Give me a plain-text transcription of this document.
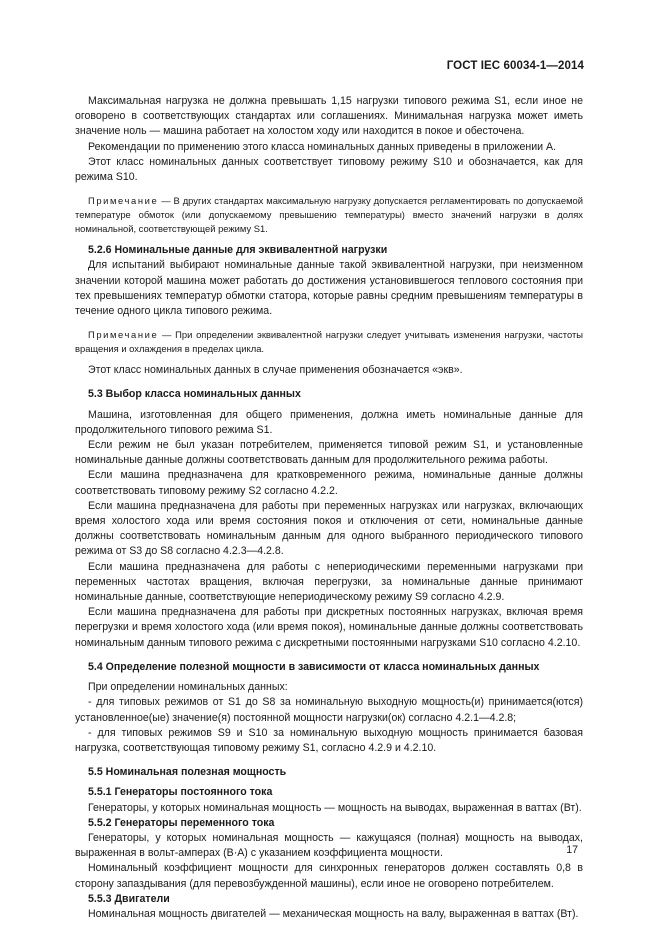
ГОСТ IEC 60034-1—2014

Максимальная нагрузка не должна превышать 1,15 нагрузки типового режима S1, если иное не оговорено в соответствующих стандартах или соглашениях. Минимальная нагрузка может иметь значение ноль — машина работает на холостом ходу или находится в покое и обесточена.

Рекомендации по применению этого класса номинальных данных приведены в приложении А.

Этот класс номинальных данных соответствует типовому режиму S10 и обозначается, как для режима S10.

Примечание — В других стандартах максимальную нагрузку допускается регламентировать по допускаемой температуре обмоток (или допускаемому превышению температуры) вместо значений нагрузки в долях номинальной, соответствующей режиму S1.

5.2.6 Номинальные данные для эквивалентной нагрузки

Для испытаний выбирают номинальные данные такой эквивалентной нагрузки, при неизменном значении которой машина может работать до достижения установившегося теплового состояния при тех превышениях температур обмотки статора, которые равны средним превышениям температуры в течение одного цикла типового режима.

Примечание — При определении эквивалентной нагрузки следует учитывать изменения нагрузки, частоты вращения и охлаждения в пределах цикла.

Этот класс номинальных данных в случае применения обозначается «экв».

5.3 Выбор класса номинальных данных

Машина, изготовленная для общего применения, должна иметь номинальные данные для продолжительного типового режима S1.

Если режим не был указан потребителем, применяется типовой режим S1, и установленные номинальные данные должны соответствовать данным для продолжительного режима работы.

Если машина предназначена для кратковременного режима, номинальные данные должны соответствовать типовому режиму S2 согласно 4.2.2.

Если машина предназначена для работы при переменных нагрузках или нагрузках, включающих время холостого хода или время состояния покоя и отключения от сети, номинальные данные должны соответствовать номинальным данным для одного выбранного периодического типового режима от S3 до S8 согласно 4.2.3—4.2.8.

Если машина предназначена для работы с непериодическими переменными нагрузками при переменных частотах вращения, включая перегрузки, за номинальные данные принимают номинальные данные, соответствующие непериодическому режиму S9 согласно 4.2.9.

Если машина предназначена для работы при дискретных постоянных нагрузках, включая время перегрузки и время холостого хода (или время покоя), номинальные данные должны соответствовать номинальным данным типового режима с дискретными постоянными нагрузками S10 согласно 4.2.10.

5.4 Определение полезной мощности в зависимости от класса номинальных данных

При определении номинальных данных:

- для типовых режимов от S1 до S8 за номинальную выходную мощность(и) принимается(ются) установленное(ые) значение(я) постоянной мощности нагрузки(ок) согласно 4.2.1—4.2.8;

- для типовых режимов S9 и S10 за номинальную выходную мощность принимается базовая нагрузка, соответствующая типовому режиму S1, согласно 4.2.9 и 4.2.10.

5.5 Номинальная полезная мощность

5.5.1 Генераторы постоянного тока

Генераторы, у которых номинальная мощность — мощность на выводах, выраженная в ваттах (Вт).

5.5.2 Генераторы переменного тока

Генераторы, у которых номинальная мощность — кажущаяся (полная) мощность на выводах, выраженная в вольт-амперах (В·А) с указанием коэффициента мощности.

Номинальный коэффициент мощности для синхронных генераторов должен составлять 0,8 в сторону запаздывания (для перевозбужденной машины), если иное не оговорено потребителем.

5.5.3 Двигатели

Номинальная мощность двигателей — механическая мощность на валу, выраженная в ваттах (Вт).

17
